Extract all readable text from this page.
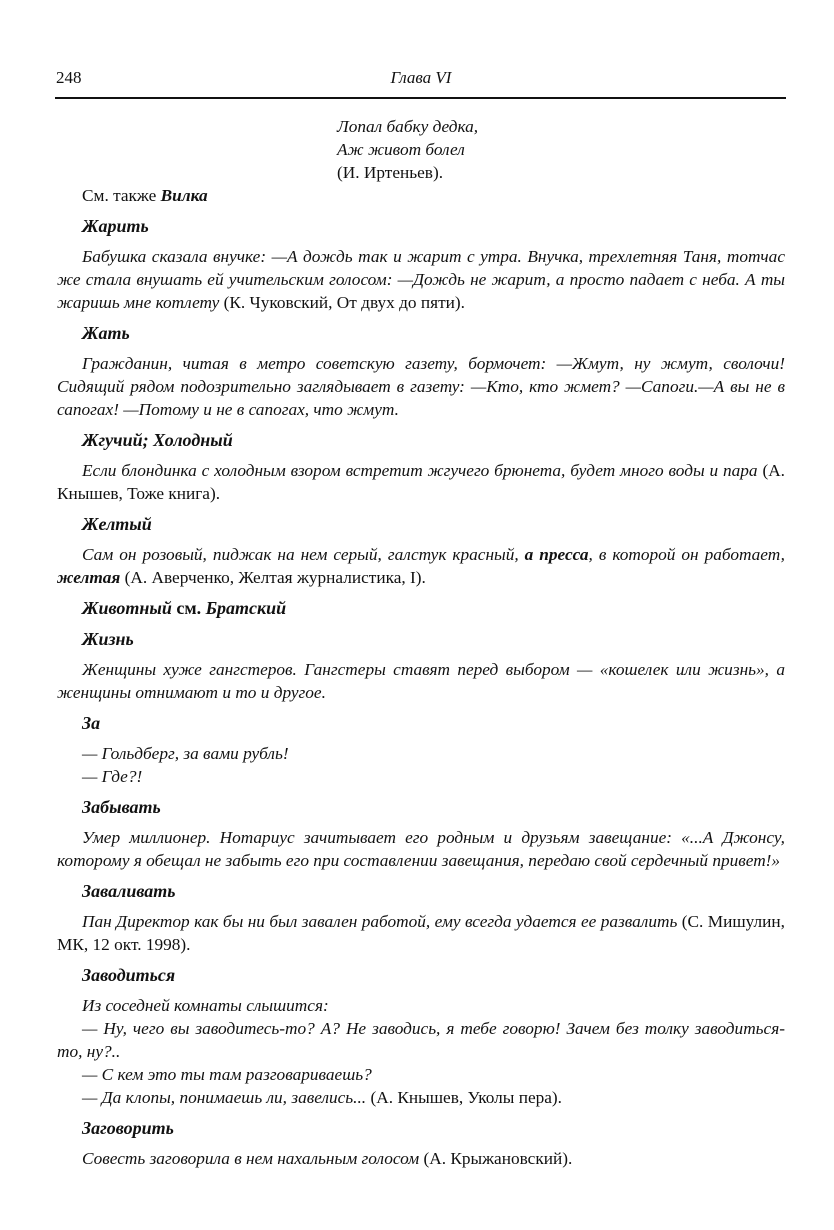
248	Глава VI
Лопал бабку дедка,
Аж живот болел
(И. Иртеньев).
См. также Вилка
Жарить
Бабушка сказала внучке: —А дождь так и жарит с утра. Внучка, трехлетняя Таня, тотчас же стала внушать ей учительским голосом: —Дождь не жарит, а просто падает с неба. А ты жаришь мне котлету (К. Чуковский, От двух до пяти).
Жать
Гражданин, читая в метро советскую газету, бормочет: —Жмут, ну жмут, сволочи! Сидящий рядом подозрительно заглядывает в газету: —Кто, кто жмет? —Сапоги.—А вы не в сапогах! —Потому и не в сапогах, что жмут.
Жгучий; Холодный
Если блондинка с холодным взором встретит жгучего брюнета, будет много воды и пара (А. Кнышев, Тоже книга).
Желтый
Сам он розовый, пиджак на нем серый, галстук красный, а пресса, в которой он работает, желтая (А. Аверченко, Желтая журналистика, I).
Животный см. Братский
Жизнь
Женщины хуже гангстеров. Гангстеры ставят перед выбором — «кошелек или жизнь», а женщины отнимают и то и другое.
За
— Гольдберг, за вами рубль!
— Где?!
Забывать
Умер миллионер. Нотариус зачитывает его родным и друзьям завещание: «...А Джонсу, которому я обещал не забыть его при составлении завещания, передаю свой сердечный привет!»
Заваливать
Пан Директор как бы ни был завален работой, ему всегда удается ее развалить (С. Мишулин, МК, 12 окт. 1998).
Заводиться
Из соседней комнаты слышится:
— Ну, чего вы заводитесь-то? А? Не заводись, я тебе говорю! Зачем без толку заводиться-то, ну?..
— С кем это ты там разговариваешь?
— Да клопы, понимаешь ли, завелись... (А. Кнышев, Уколы пера).
Заговорить
Совесть заговорила в нем нахальным голосом (А. Крыжановский).
